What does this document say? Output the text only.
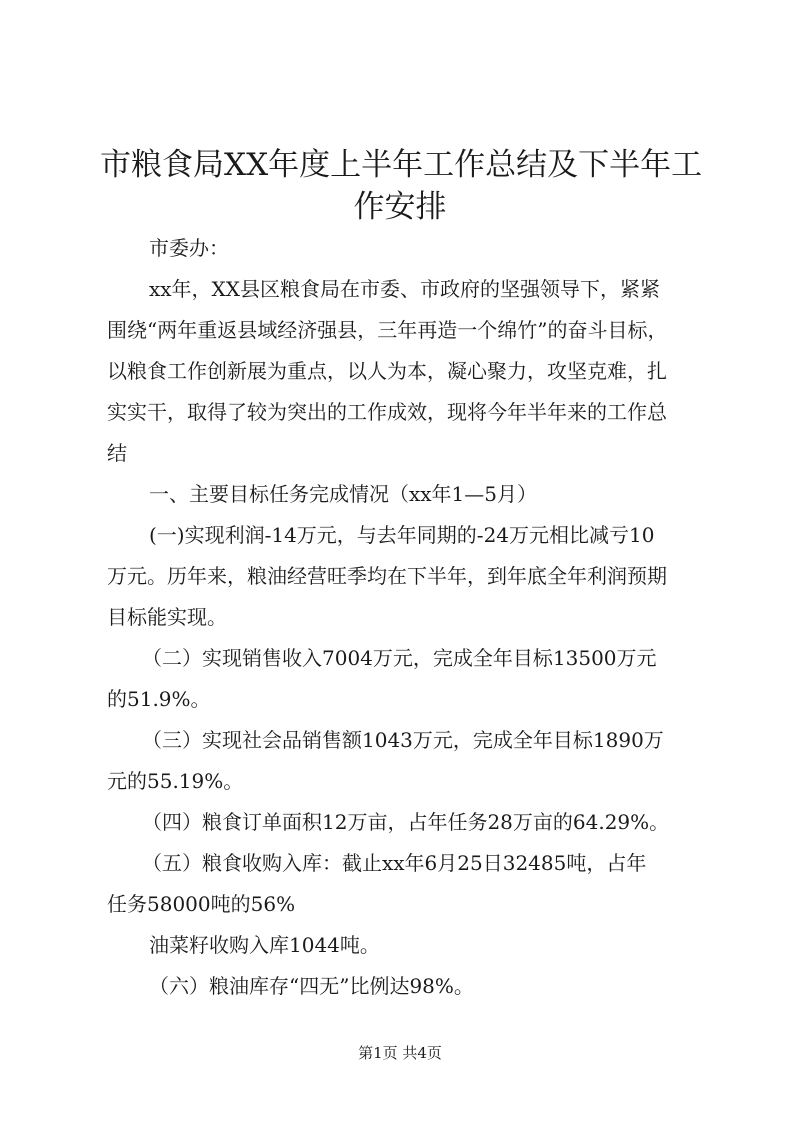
市粮食局XX年度上半年工作总结及下半年工
作安排

市委办：

xx年，XX县区粮食局在市委、市政府的坚强领导下，紧紧

围绕“两年重返县域经济强县，三年再造一个绵竹”的奋斗目标，

以粮食工作创新展为重点，以人为本，凝心聚力，攻坚克难，扎

实实干，取得了较为突出的工作成效，现将今年半年来的工作总

结

一、主要目标任务完成情况（xx年1—5月）

(一)实现利润-14万元，与去年同期的-24万元相比减亏10

万元。历年来，粮油经营旺季均在下半年，到年底全年利润预期

目标能实现。

（二）实现销售收入7004万元，完成全年目标13500万元

的51.9%。

（三）实现社会品销售额1043万元，完成全年目标1890万

元的55.19%。

（四）粮食订单面积12万亩，占年任务28万亩的64.29%。

（五）粮食收购入库：截止xx年6月25日32485吨，占年

任务58000吨的56%

油菜籽收购入库1044吨。

（六）粮油库存“四无”比例达98%。

第1页 共4页
